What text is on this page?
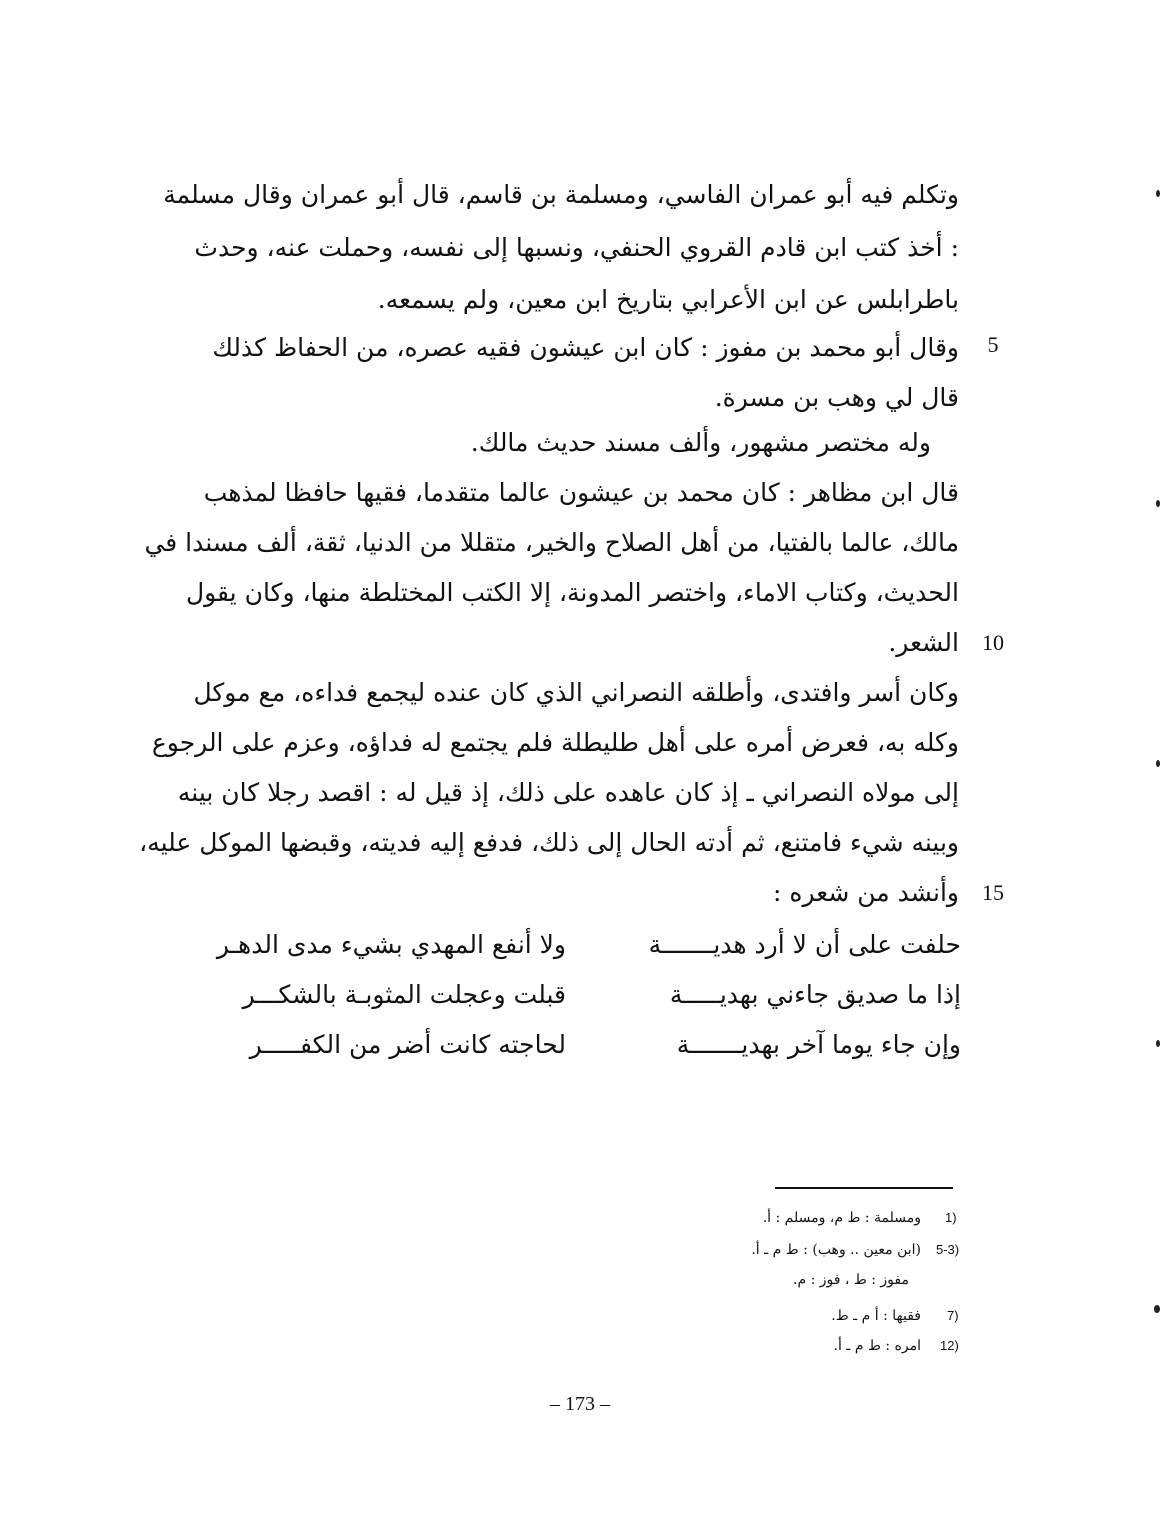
وتكلم فيه أبو عمران الفاسي، ومسلمة بن قاسم، قال أبو عمران وقال مسلمة
: أخذ كتب ابن قادم القروي الحنفي، ونسبها إلى نفسه، وحملت عنه، وحدث
باطرابلس عن ابن الأعرابي بتاريخ ابن معين، ولم يسمعه.
وقال أبو محمد بن مفوز : كان ابن عيشون فقيه عصره، من الحفاظ كذلك
قال لي وهب بن مسرة.
وله مختصر مشهور، وألف مسند حديث مالك.
قال ابن مظاهر : كان محمد بن عيشون عالما متقدما، فقيها حافظا لمذهب
مالك، عالما بالفتيا، من أهل الصلاح والخير، متقللا من الدنيا، ثقة، ألف مسندا في
الحديث، وكتاب الاماء، واختصر المدونة، إلا الكتب المختلطة منها، وكان يقول
الشعر.
وكان أسر وافتدى، وأطلقه النصراني الذي كان عنده ليجمع فداءه، مع موكل
وكله به، فعرض أمره على أهل طليطلة فلم يجتمع له فداؤه، وعزم على الرجوع
إلى مولاه النصراني ـ إذ كان عاهده على ذلك، إذ قيل له : اقصد رجلا كان بينه
وبينه شيء فامتنع، ثم أدته الحال إلى ذلك، فدفع إليه فديته، وقبضها الموكل عليه،
وأنشد من شعره :
5
10
15
حلفت على أن لا أرد هديـــــــة
ولا أنفع المهدي بشيء مدى الدهـر
إذا ما صديق جاءني بهديـــــة
قبلت وعجلت المثوبـة بالشكـــر
وإن جاء يوما آخر بهديـــــــة
لحاجته كانت أضر من الكفـــــر
1)
ومسلمة : ط م، ومسلم : أ.
5-3)
(ابن معين .. وهب) : ط م ـ أ.
مفوز : ط ، فوز : م.
7)
فقيها : أ م ـ ط.
12)
امره : ط م ـ أ.
– 173 –
